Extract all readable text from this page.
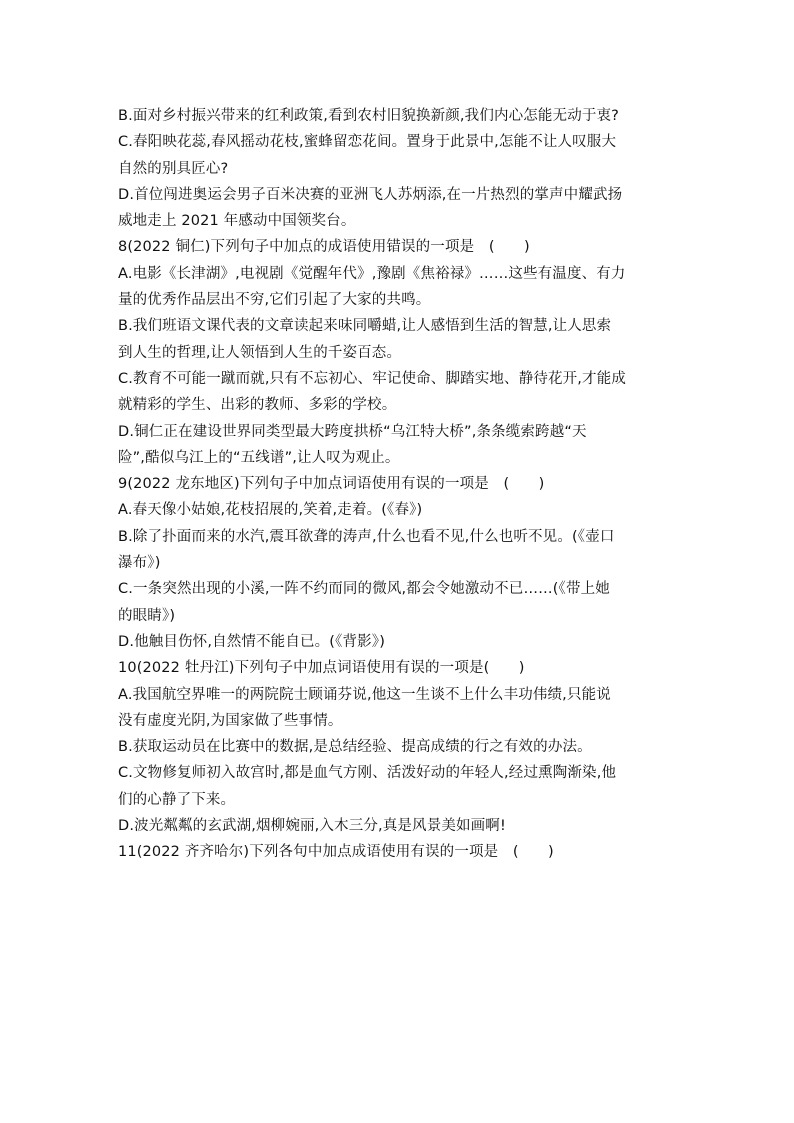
B.面对乡村振兴带来的红利政策,看到农村旧貌换新颜,我们内心怎能无动于衷?
C.春阳映花蕊,春风摇动花枝,蜜蜂留恋花间。置身于此景中,怎能不让人叹服大
自然的别具匠心?
D.首位闯进奥运会男子百米决赛的亚洲飞人苏炳添,在一片热烈的掌声中耀武扬
威地走上 2021 年感动中国领奖台。
8(2022 铜仁)下列句子中加点的成语使用错误的一项是　(　　)
A.电影《长津湖》,电视剧《觉醒年代》,豫剧《焦裕禄》……这些有温度、有力
量的优秀作品层出不穷,它们引起了大家的共鸣。
B.我们班语文课代表的文章读起来味同嚼蜡,让人感悟到生活的智慧,让人思索
到人生的哲理,让人领悟到人生的千姿百态。
C.教育不可能一蹴而就,只有不忘初心、牢记使命、脚踏实地、静待花开,才能成
就精彩的学生、出彩的教师、多彩的学校。
D.铜仁正在建设世界同类型最大跨度拱桥“乌江特大桥”,条条缆索跨越“天
险”,酷似乌江上的“五线谱”,让人叹为观止。
9(2022 龙东地区)下列句子中加点词语使用有误的一项是　(　　)
A.春天像小姑娘,花枝招展的,笑着,走着。(《春》)
B.除了扑面而来的水汽,震耳欲聋的涛声,什么也看不见,什么也听不见。(《壶口
瀑布》)
C.一条突然出现的小溪,一阵不约而同的微风,都会令她激动不已……(《带上她
的眼睛》)
D.他触目伤怀,自然情不能自已。(《背影》)
10(2022 牡丹江)下列句子中加点词语使用有误的一项是(　　)
A.我国航空界唯一的两院院士顾诵芬说,他这一生谈不上什么丰功伟绩,只能说
没有虚度光阴,为国家做了些事情。
B.获取运动员在比赛中的数据,是总结经验、提高成绩的行之有效的办法。
C.文物修复师初入故宫时,都是血气方刚、活泼好动的年轻人,经过熏陶渐染,他
们的心静了下来。
D.波光粼粼的玄武湖,烟柳婉丽,入木三分,真是风景美如画啊!
11(2022 齐齐哈尔)下列各句中加点成语使用有误的一项是　(　　)
